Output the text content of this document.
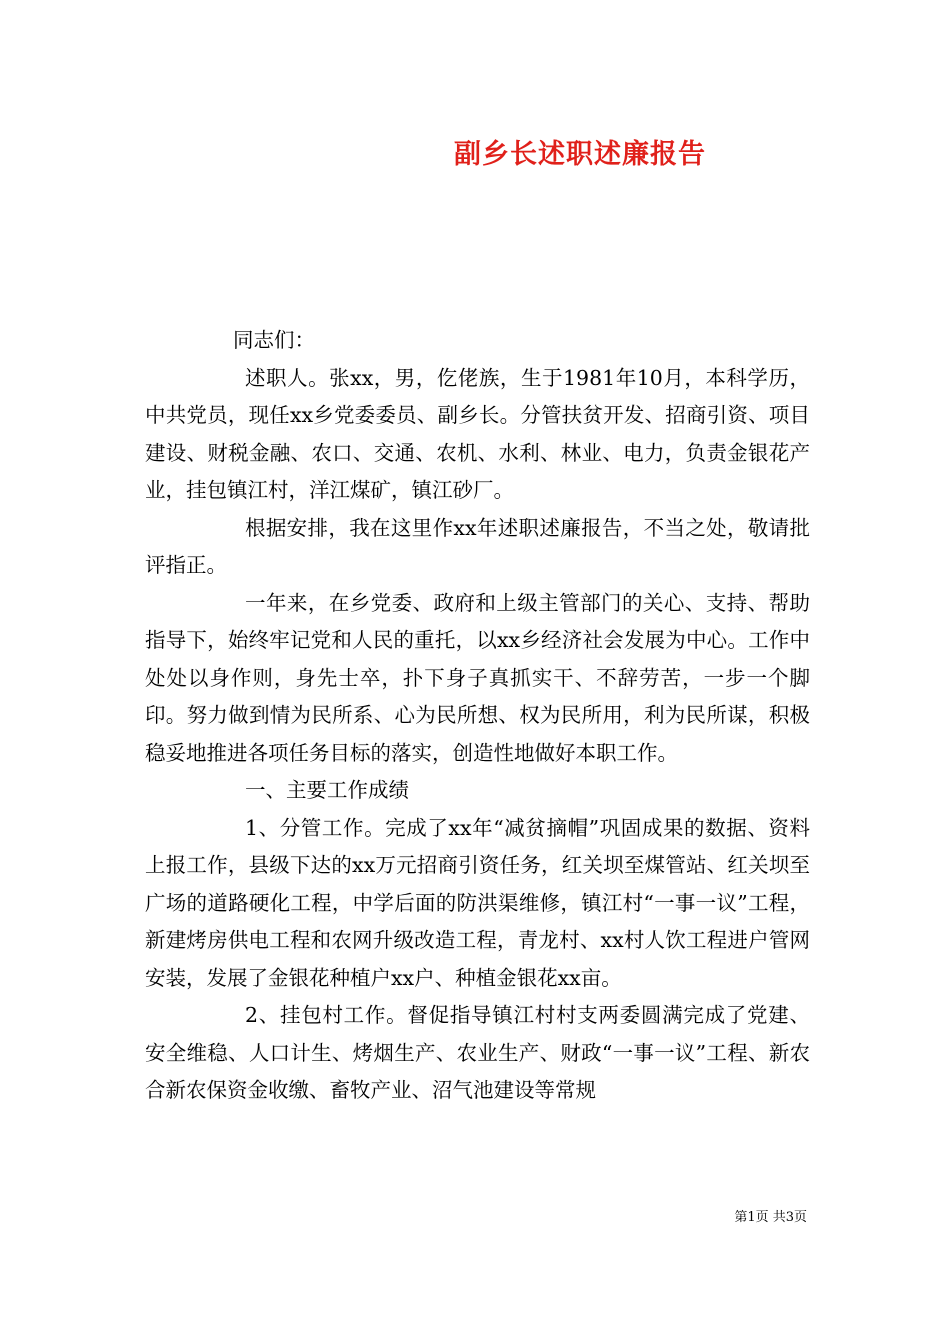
副乡长述职述廉报告

同志们：

述职人。张xx，男，仡佬族，生于1981年10月，本科学历，中共党员，现任xx乡党委委员、副乡长。分管扶贫开发、招商引资、项目建设、财税金融、农口、交通、农机、水利、林业、电力，负责金银花产业，挂包镇江村，洋江煤矿，镇江砂厂。

根据安排，我在这里作xx年述职述廉报告，不当之处，敬请批评指正。

一年来，在乡党委、政府和上级主管部门的关心、支持、帮助指导下，始终牢记党和人民的重托，以xx乡经济社会发展为中心。工作中处处以身作则，身先士卒，扑下身子真抓实干、不辞劳苦，一步一个脚印。努力做到情为民所系、心为民所想、权为民所用，利为民所谋，积极稳妥地推进各项任务目标的落实，创造性地做好本职工作。

一、主要工作成绩

1、分管工作。完成了xx年“减贫摘帽”巩固成果的数据、资料上报工作，县级下达的xx万元招商引资任务，红关坝至煤管站、红关坝至广场的道路硬化工程，中学后面的防洪渠维修，镇江村“一事一议”工程，新建烤房供电工程和农网升级改造工程，青龙村、xx村人饮工程进户管网安装，发展了金银花种植户xx户、种植金银花xx亩。

2、挂包村工作。督促指导镇江村村支两委圆满完成了党建、安全维稳、人口计生、烤烟生产、农业生产、财政“一事一议”工程、新农合新农保资金收缴、畜牧产业、沼气池建设等常规

第1页 共3页
